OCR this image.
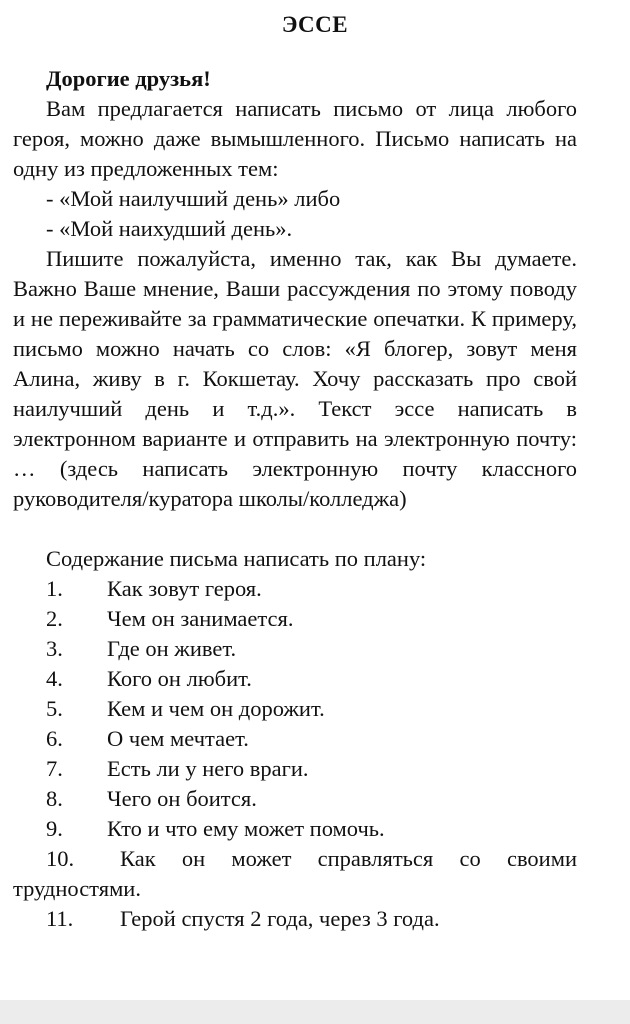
ЭССЕ

Дорогие друзья!

Вам предлагается написать письмо от лица любого героя, можно даже вымышленного. Письмо написать на одну из предложенных тем:

- «Мой наилучший день» либо

- «Мой наихудший день».

Пишите пожалуйста, именно так, как Вы думаете. Важно Ваше мнение, Ваши рассуждения по этому поводу и не переживайте за грамматические опечатки. К примеру, письмо можно начать со слов: «Я блогер, зовут меня Алина, живу в г. Кокшетау. Хочу рассказать про свой наилучший день и т.д.». Текст эссе написать в электронном варианте и отправить на электронную почту: … (здесь написать электронную почту классного руководителя/куратора школы/колледжа)

Содержание письма написать по плану:

1. Как зовут героя.
2. Чем он занимается.
3. Где он живет.
4. Кого он любит.
5. Кем и чем он дорожит.
6. О чем мечтает.
7. Есть ли у него враги.
8. Чего он боится.
9. Кто и что ему может помочь.
10. Как он может справляться со своими трудностями.
11. Герой спустя 2 года, через 3 года.
